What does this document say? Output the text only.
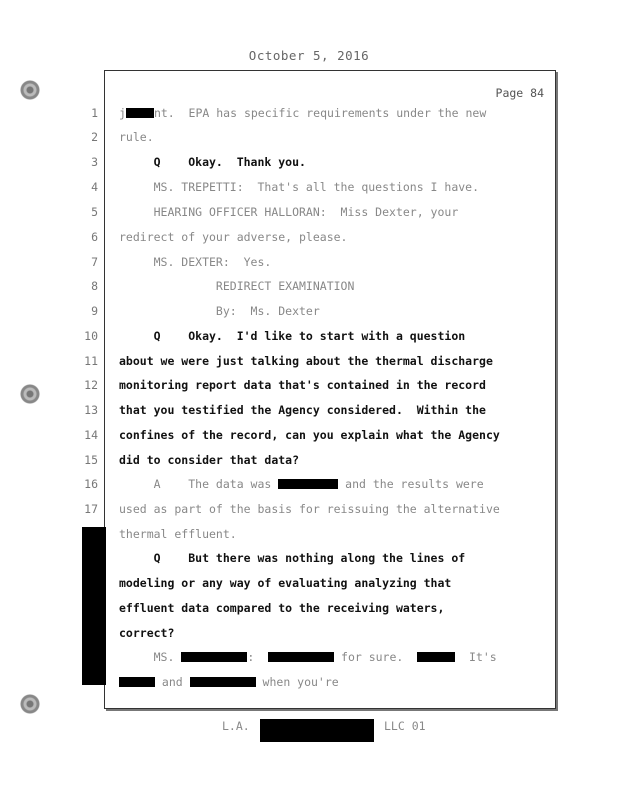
October 5, 2016
Page 84
1
2
3
4
5
6
7
8
9
10
11
12
13
14
15
16
17
j nt.  EPA has specific requirements under the new
rule.
Q    Okay.  Thank you.
MS. TREPETTI:  That's all the questions I have.
HEARING OFFICER HALLORAN:  Miss Dexter, your
redirect of your adverse, please.
MS. DEXTER:  Yes.
REDIRECT EXAMINATION
By:  Ms. Dexter
Q    Okay.  I'd like to start with a question
about we were just talking about the thermal discharge
monitoring report data that's contained in the record
that you testified the Agency considered.  Within the
confines of the record, can you explain what the Agency
did to consider that data?
A    The data was	and the results were
used as part of the basis for reissuing the alternative
thermal effluent.
Q    But there was nothing along the lines of
modeling or any way of evaluating analyzing that
effluent data compared to the receiving waters,
correct?
MS.	:	for sure.	It's
and	when you're
L.A.	LLC 01
